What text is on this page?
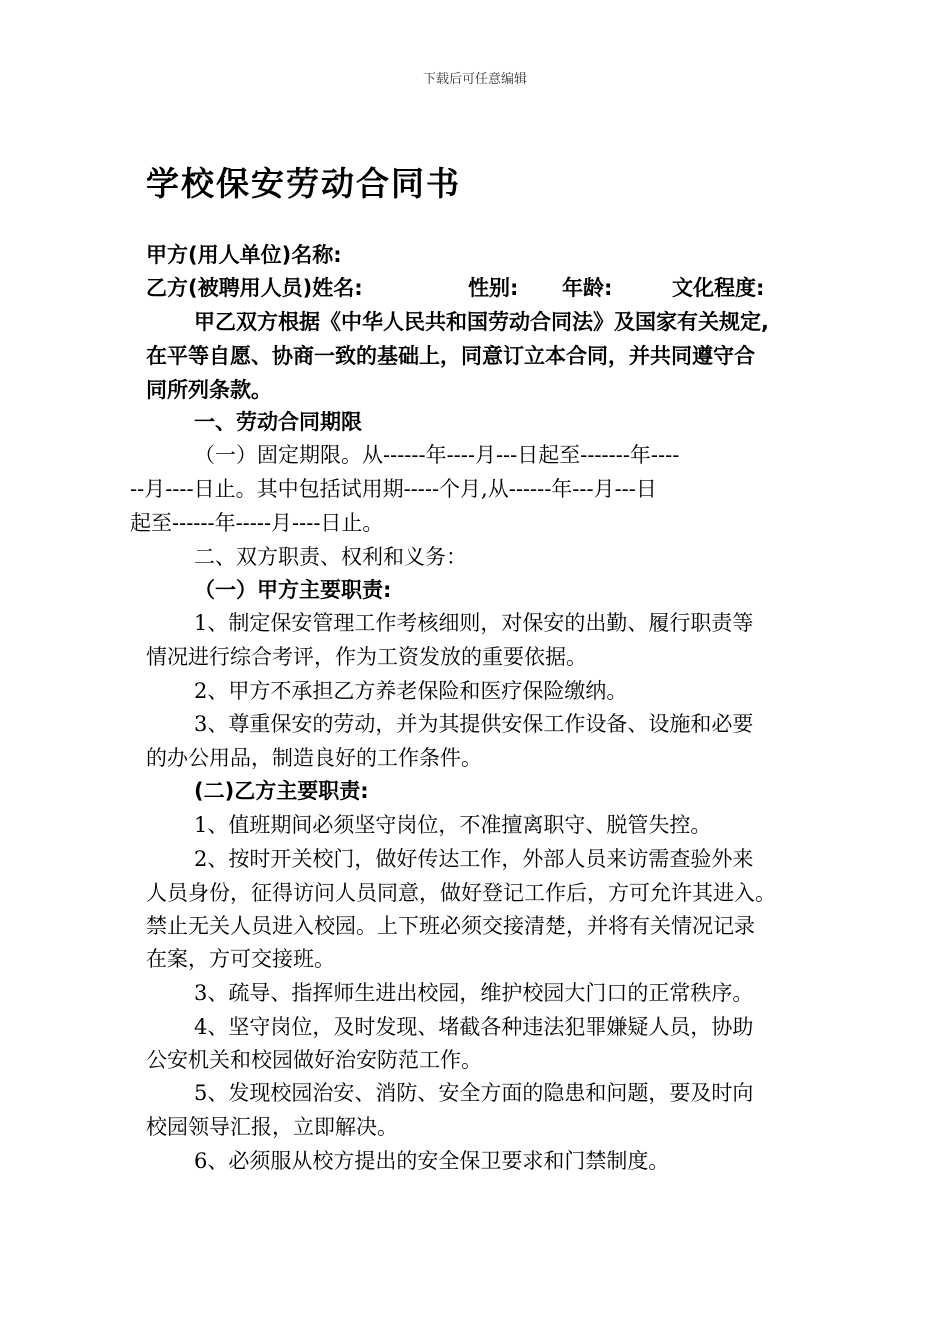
下载后可任意编辑
学校保安劳动合同书
甲方(用人单位)名称:
乙方(被聘用人员)姓名:	性别: 年龄:	文化程度:
甲乙双方根据《中华人民共和国劳动合同法》及国家有关规定,
在平等自愿、协商一致的基础上，同意订立本合同，并共同遵守合
同所列条款。
一、劳动合同期限
（一）固定期限。从------年----月---日起至-------年----
--月----日止。其中包括试用期-----个月,从------年---月---日
起至------年-----月----日止。
二、双方职责、权利和义务：
（一）甲方主要职责:
1、制定保安管理工作考核细则，对保安的出勤、履行职责等
情况进行综合考评，作为工资发放的重要依据。
2、甲方不承担乙方养老保险和医疗保险缴纳。
3、尊重保安的劳动，并为其提供安保工作设备、设施和必要
的办公用品，制造良好的工作条件。
(二)乙方主要职责:
1、值班期间必须坚守岗位，不准擅离职守、脱管失控。
2、按时开关校门，做好传达工作，外部人员来访需查验外来
人员身份，征得访问人员同意，做好登记工作后，方可允许其进入。
禁止无关人员进入校园。上下班必须交接清楚，并将有关情况记录
在案，方可交接班。
3、疏导、指挥师生进出校园，维护校园大门口的正常秩序。
4、坚守岗位，及时发现、堵截各种违法犯罪嫌疑人员，协助
公安机关和校园做好治安防范工作。
5、发现校园治安、消防、安全方面的隐患和问题，要及时向
校园领导汇报，立即解决。
6、必须服从校方提出的安全保卫要求和门禁制度。
